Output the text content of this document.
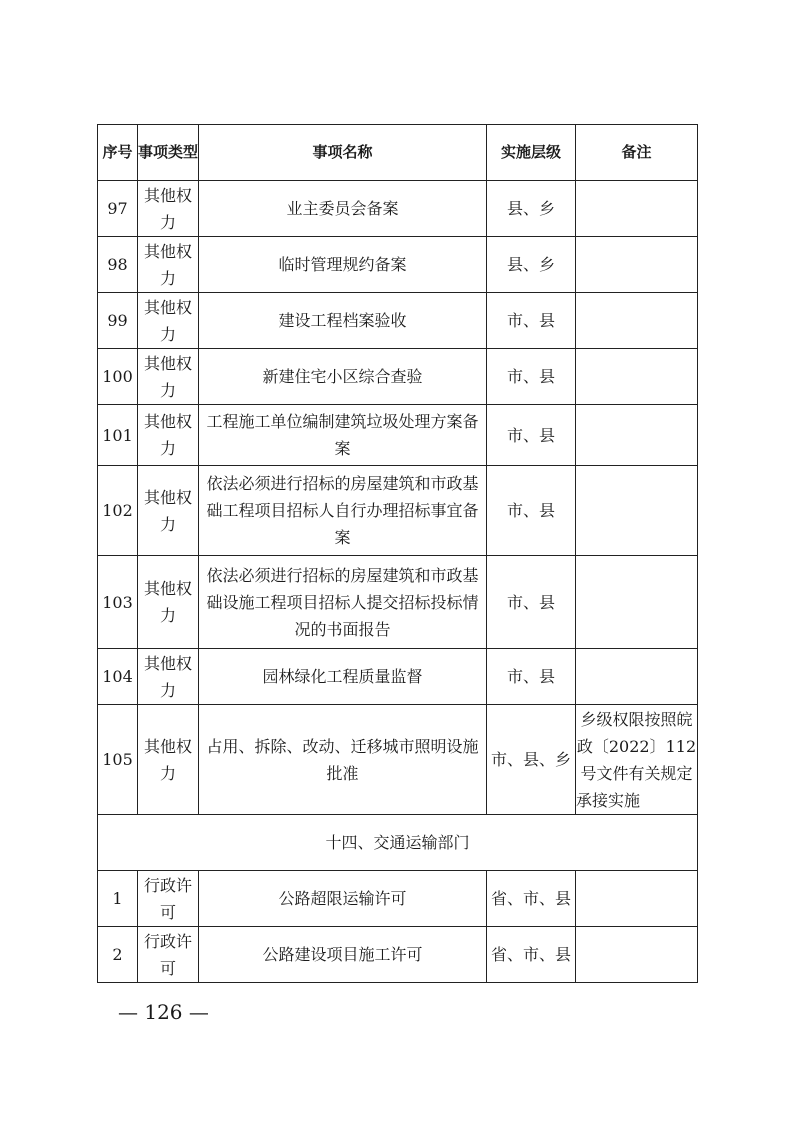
序号	事项类型	事项名称	实施层级	备注
97	其他权力	业主委员会备案	县、乡	
98	其他权力	临时管理规约备案	县、乡	
99	其他权力	建设工程档案验收	市、县	
100	其他权力	新建住宅小区综合查验	市、县	
101	其他权力	工程施工单位编制建筑垃圾处理方案备案	市、县	
102	其他权力	依法必须进行招标的房屋建筑和市政基础工程项目招标人自行办理招标事宜备案	市、县	
103	其他权力	依法必须进行招标的房屋建筑和市政基础设施工程项目招标人提交招标投标情况的书面报告	市、县	
104	其他权力	园林绿化工程质量监督	市、县	
105	其他权力	占用、拆除、改动、迁移城市照明设施批准	市、县、乡	乡级权限按照皖政〔2022〕112号文件有关规定承接实施
十四、交通运输部门				
1	行政许可	公路超限运输许可	省、市、县	
2	行政许可	公路建设项目施工许可	省、市、县	
— 126 —
